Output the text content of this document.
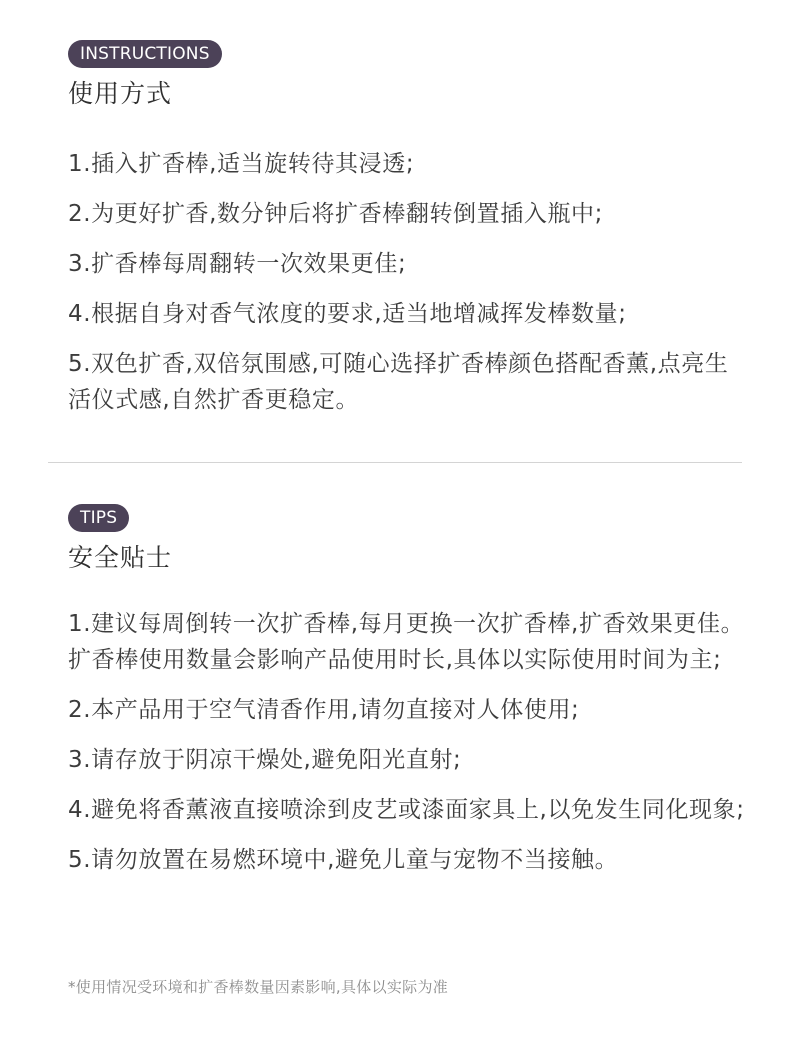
INSTRUCTIONS
使用方式
1.插入扩香棒,适当旋转待其浸透;
2.为更好扩香,数分钟后将扩香棒翻转倒置插入瓶中;
3.扩香棒每周翻转一次效果更佳;
4.根据自身对香气浓度的要求,适当地增减挥发棒数量;
5.双色扩香,双倍氛围感,可随心选择扩香棒颜色搭配香薰,点亮生活仪式感,自然扩香更稳定。
TIPS
安全贴士
1.建议每周倒转一次扩香棒,每月更换一次扩香棒,扩香效果更佳。扩香棒使用数量会影响产品使用时长,具体以实际使用时间为主;
2.本产品用于空气清香作用,请勿直接对人体使用;
3.请存放于阴凉干燥处,避免阳光直射;
4.避免将香薰液直接喷涂到皮艺或漆面家具上,以免发生同化现象;
5.请勿放置在易燃环境中,避免儿童与宠物不当接触。
*使用情况受环境和扩香棒数量因素影响,具体以实际为准
